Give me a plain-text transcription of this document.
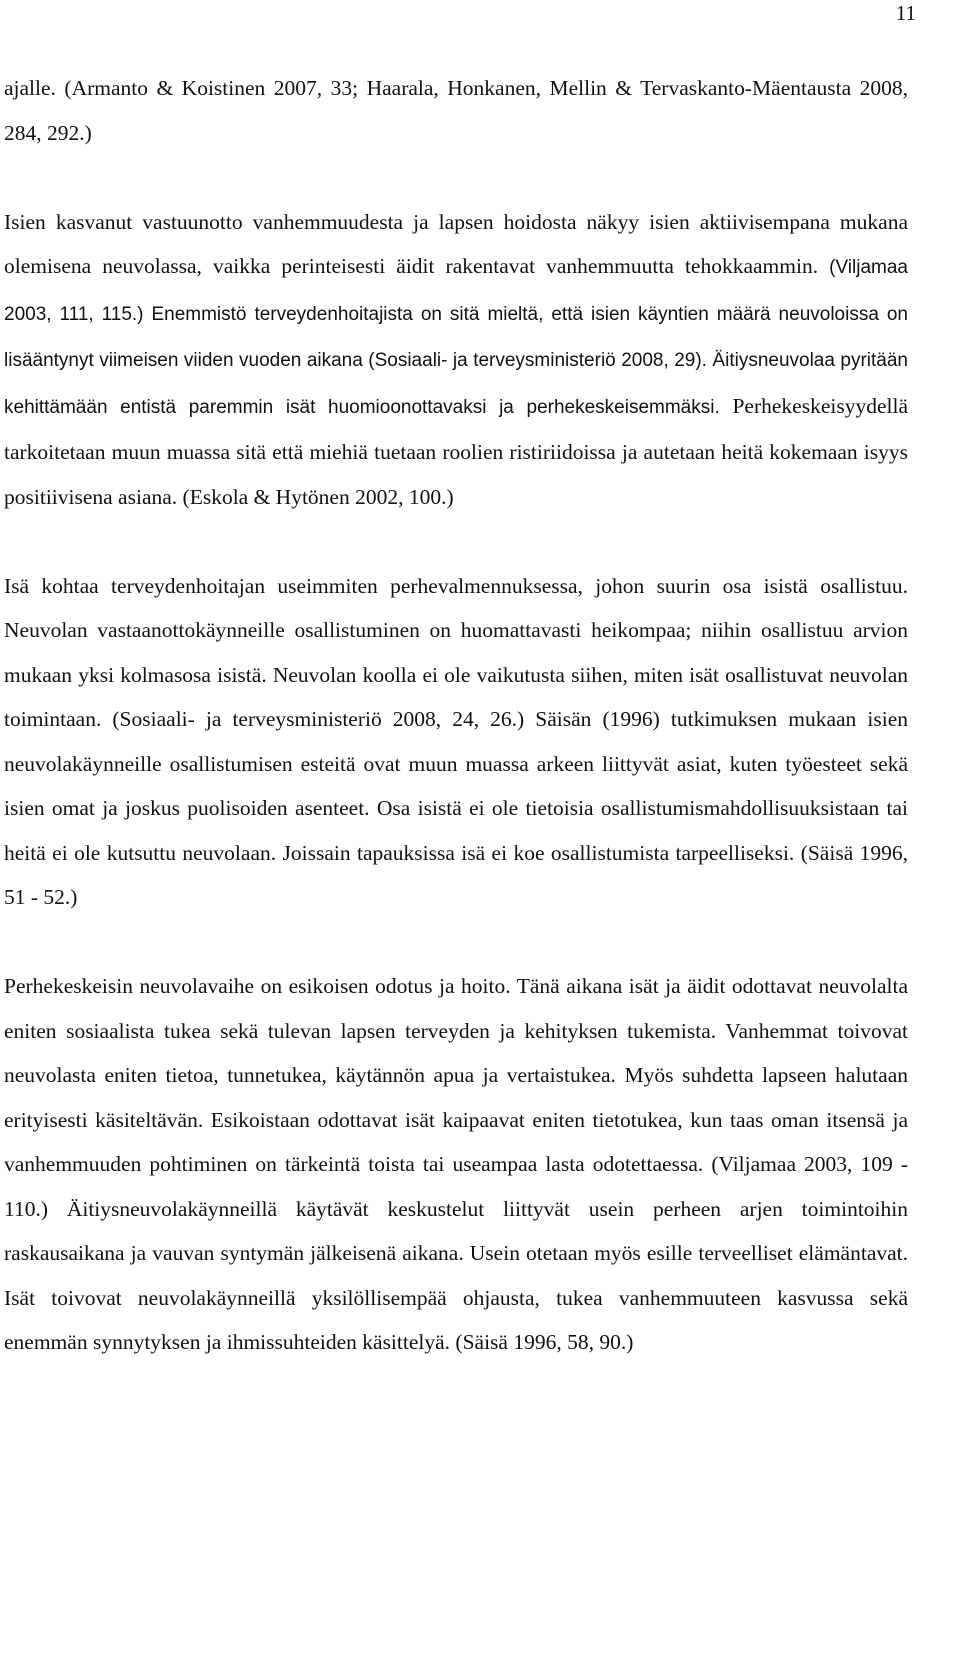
11

ajalle. (Armanto & Koistinen 2007, 33; Haarala, Honkanen, Mellin & Tervaskanto-Mäentausta 2008, 284, 292.)

Isien kasvanut vastuunotto vanhemmuudesta ja lapsen hoidosta näkyy isien aktiivisempana mukana olemisena neuvolassa, vaikka perinteisesti äidit rakentavat vanhemmuutta tehokkaammin. (Viljamaa 2003, 111, 115.) Enemmistö terveydenhoitajista on sitä mieltä, että isien käyntien määrä neuvoloissa on lisääntynyt viimeisen viiden vuoden aikana (Sosiaali- ja terveysministeriö 2008, 29). Äitiysneuvolaa pyritään kehittämään entistä paremmin isät huomioonottavaksi ja perhekeskeisemmäksi. Perhekeskeisyydellä tarkoitetaan muun muassa sitä että miehiä tuetaan roolien ristiriidoissa ja autetaan heitä kokemaan isyys positiivisena asiana. (Eskola & Hytönen 2002, 100.)

Isä kohtaa terveydenhoitajan useimmiten perhevalmennuksessa, johon suurin osa isistä osallistuu. Neuvolan vastaanottokäynneille osallistuminen on huomattavasti heikompaa; niihin osallistuu arvion mukaan yksi kolmasosa isistä. Neuvolan koolla ei ole vaikutusta siihen, miten isät osallistuvat neuvolan toimintaan. (Sosiaali- ja terveysministeriö 2008, 24, 26.) Säisän (1996) tutkimuksen mukaan isien neuvolakäynneille osallistumisen esteitä ovat muun muassa arkeen liittyvät asiat, kuten työesteet sekä isien omat ja joskus puolisoiden asenteet. Osa isistä ei ole tietoisia osallistumismahdollisuuksistaan tai heitä ei ole kutsuttu neuvolaan. Joissain tapauksissa isä ei koe osallistumista tarpeelliseksi. (Säisä 1996, 51 - 52.)

Perhekeskeisin neuvolavaihe on esikoisen odotus ja hoito. Tänä aikana isät ja äidit odottavat neuvolalta eniten sosiaalista tukea sekä tulevan lapsen terveyden ja kehityksen tukemista. Vanhemmat toivovat neuvolasta eniten tietoa, tunnetukea, käytännön apua ja vertaistukea. Myös suhdetta lapseen halutaan erityisesti käsiteltävän. Esikoistaan odottavat isät kaipaavat eniten tietotukea, kun taas oman itsensä ja vanhemmuuden pohtiminen on tärkeintä toista tai useampaa lasta odotettaessa. (Viljamaa 2003, 109 - 110.) Äitiysneuvolakäynneillä käytävät keskustelut liittyvät usein perheen arjen toimintoihin raskausaikana ja vauvan syntymän jälkeisenä aikana. Usein otetaan myös esille terveelliset elämäntavat. Isät toivovat neuvolakäynneillä yksilöllisempää ohjausta, tukea vanhemmuuteen kasvussa sekä enemmän synnytyksen ja ihmissuhteiden käsittelyä. (Säisä 1996, 58, 90.)
